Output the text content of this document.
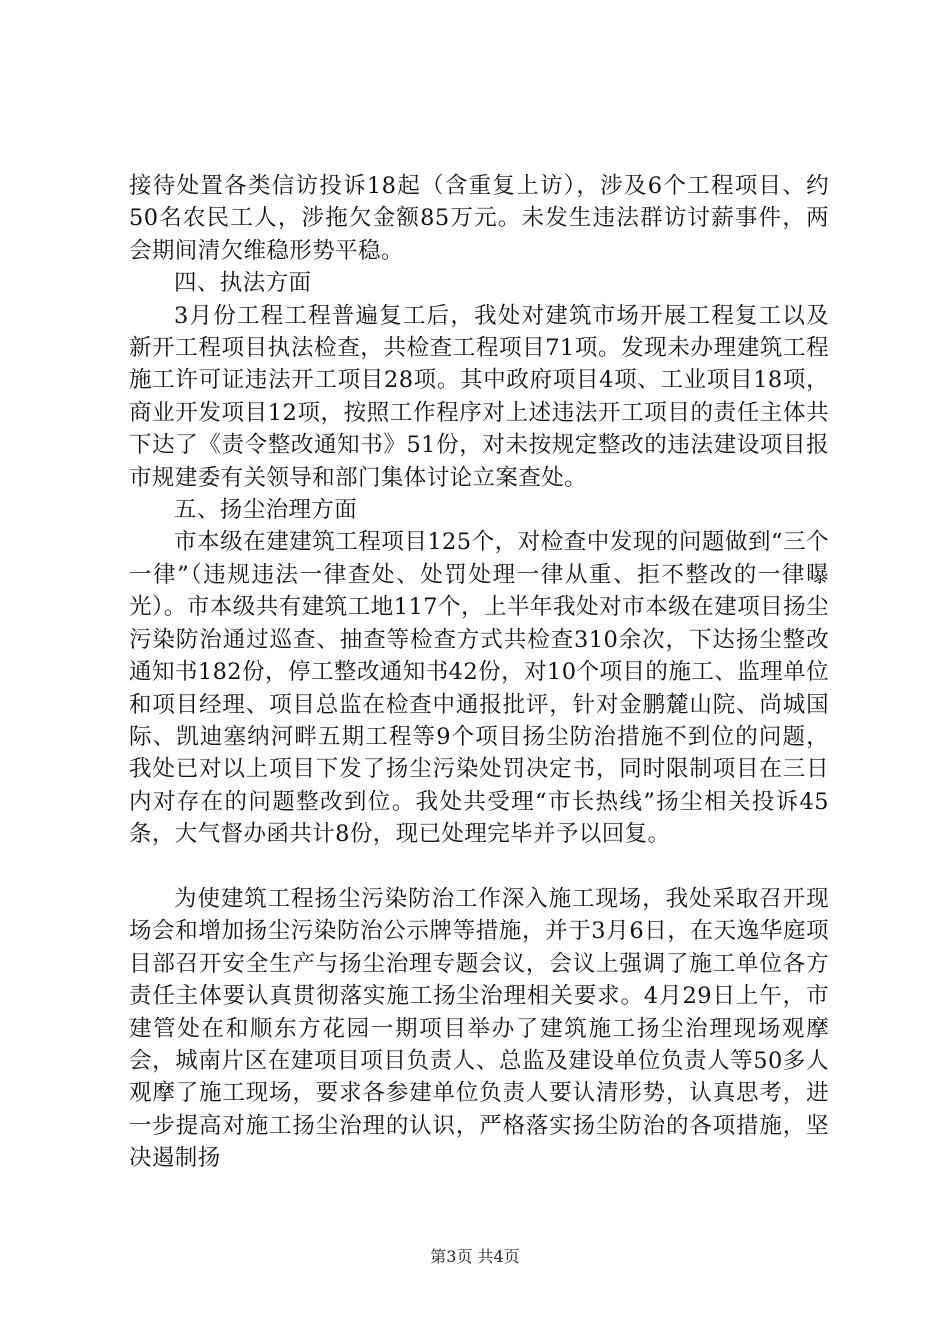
接待处置各类信访投诉18起（含重复上访），涉及6个工程项目、约50名农民工人，涉拖欠金额85万元。未发生违法群访讨薪事件，两会期间清欠维稳形势平稳。

四、执法方面

3月份工程工程普遍复工后，我处对建筑市场开展工程复工以及新开工程项目执法检查，共检查工程项目71项。发现未办理建筑工程施工许可证违法开工项目28项。其中政府项目4项、工业项目18项，商业开发项目12项，按照工作程序对上述违法开工项目的责任主体共下达了《责令整改通知书》51份，对未按规定整改的违法建设项目报市规建委有关领导和部门集体讨论立案查处。

五、扬尘治理方面

市本级在建建筑工程项目125个，对检查中发现的问题做到“三个一律”（违规违法一律查处、处罚处理一律从重、拒不整改的一律曝光）。市本级共有建筑工地117个，上半年我处对市本级在建项目扬尘污染防治通过巡查、抽查等检查方式共检查310余次，下达扬尘整改通知书182份，停工整改通知书42份，对10个项目的施工、监理单位和项目经理、项目总监在检查中通报批评，针对金鹏麓山院、尚城国际、凯迪塞纳河畔五期工程等9个项目扬尘防治措施不到位的问题，我处已对以上项目下发了扬尘污染处罚决定书，同时限制项目在三日内对存在的问题整改到位。我处共受理“市长热线”扬尘相关投诉45条，大气督办函共计8份，现已处理完毕并予以回复。

为使建筑工程扬尘污染防治工作深入施工现场，我处采取召开现场会和增加扬尘污染防治公示牌等措施，并于3月6日，在天逸华庭项目部召开安全生产与扬尘治理专题会议，会议上强调了施工单位各方责任主体要认真贯彻落实施工扬尘治理相关要求。4月29日上午，市建管处在和顺东方花园一期项目举办了建筑施工扬尘治理现场观摩会，城南片区在建项目项目负责人、总监及建设单位负责人等50多人观摩了施工现场，要求各参建单位负责人要认清形势，认真思考，进一步提高对施工扬尘治理的认识，严格落实扬尘防治的各项措施，坚决遏制扬

第3页 共4页
